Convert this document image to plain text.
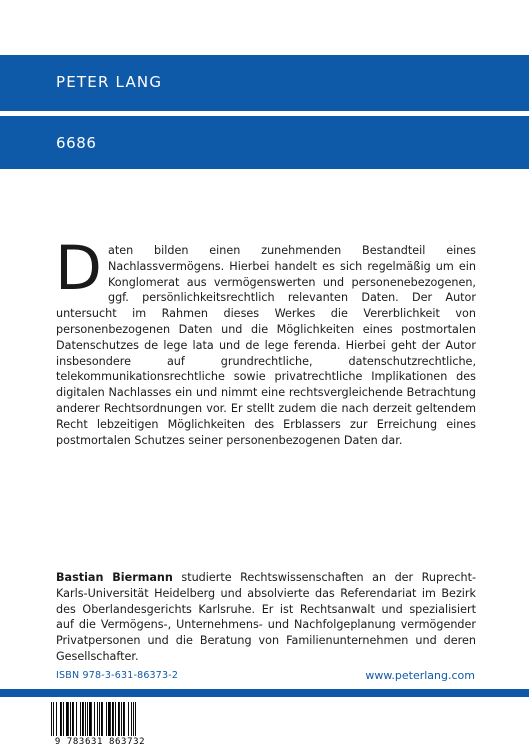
PETER LANG
6686
Daten bilden einen zunehmenden Bestandteil eines Nachlassvermögens. Hierbei handelt es sich regelmäßig um ein Konglomerat aus vermögenswerten und personenebezogenen, ggf. persönlichkeitsrechtlich relevanten Daten. Der Autor untersucht im Rahmen dieses Werkes die Vererblichkeit von personenbezogenen Daten und die Möglichkeiten eines postmortalen Datenschutzes de lege lata und de lege ferenda. Hierbei geht der Autor insbesondere auf grundrechtliche, datenschutzrechtliche, telekommunikationsrechtliche sowie privatrechtliche Implikationen des digitalen Nachlasses ein und nimmt eine rechtsvergleichende Betrachtung anderer Rechtsordnungen vor. Er stellt zudem die nach derzeit geltendem Recht lebzeitigen Möglichkeiten des Erblassers zur Erreichung eines postmortalen Schutzes seiner personenbezogenen Daten dar.
Bastian Biermann studierte Rechtswissenschaften an der Ruprecht-Karls-Universität Heidelberg und absolvierte das Referendariat im Bezirk des Oberlandesgerichts Karlsruhe. Er ist Rechtsanwalt und spezialisiert auf die Vermögens-, Unternehmens- und Nachfolgeplanung vermögender Privatpersonen und die Beratung von Familienunternehmen und deren Gesellschafter.
ISBN 978-3-631-86373-2	www.peterlang.com
9 783631 863732
